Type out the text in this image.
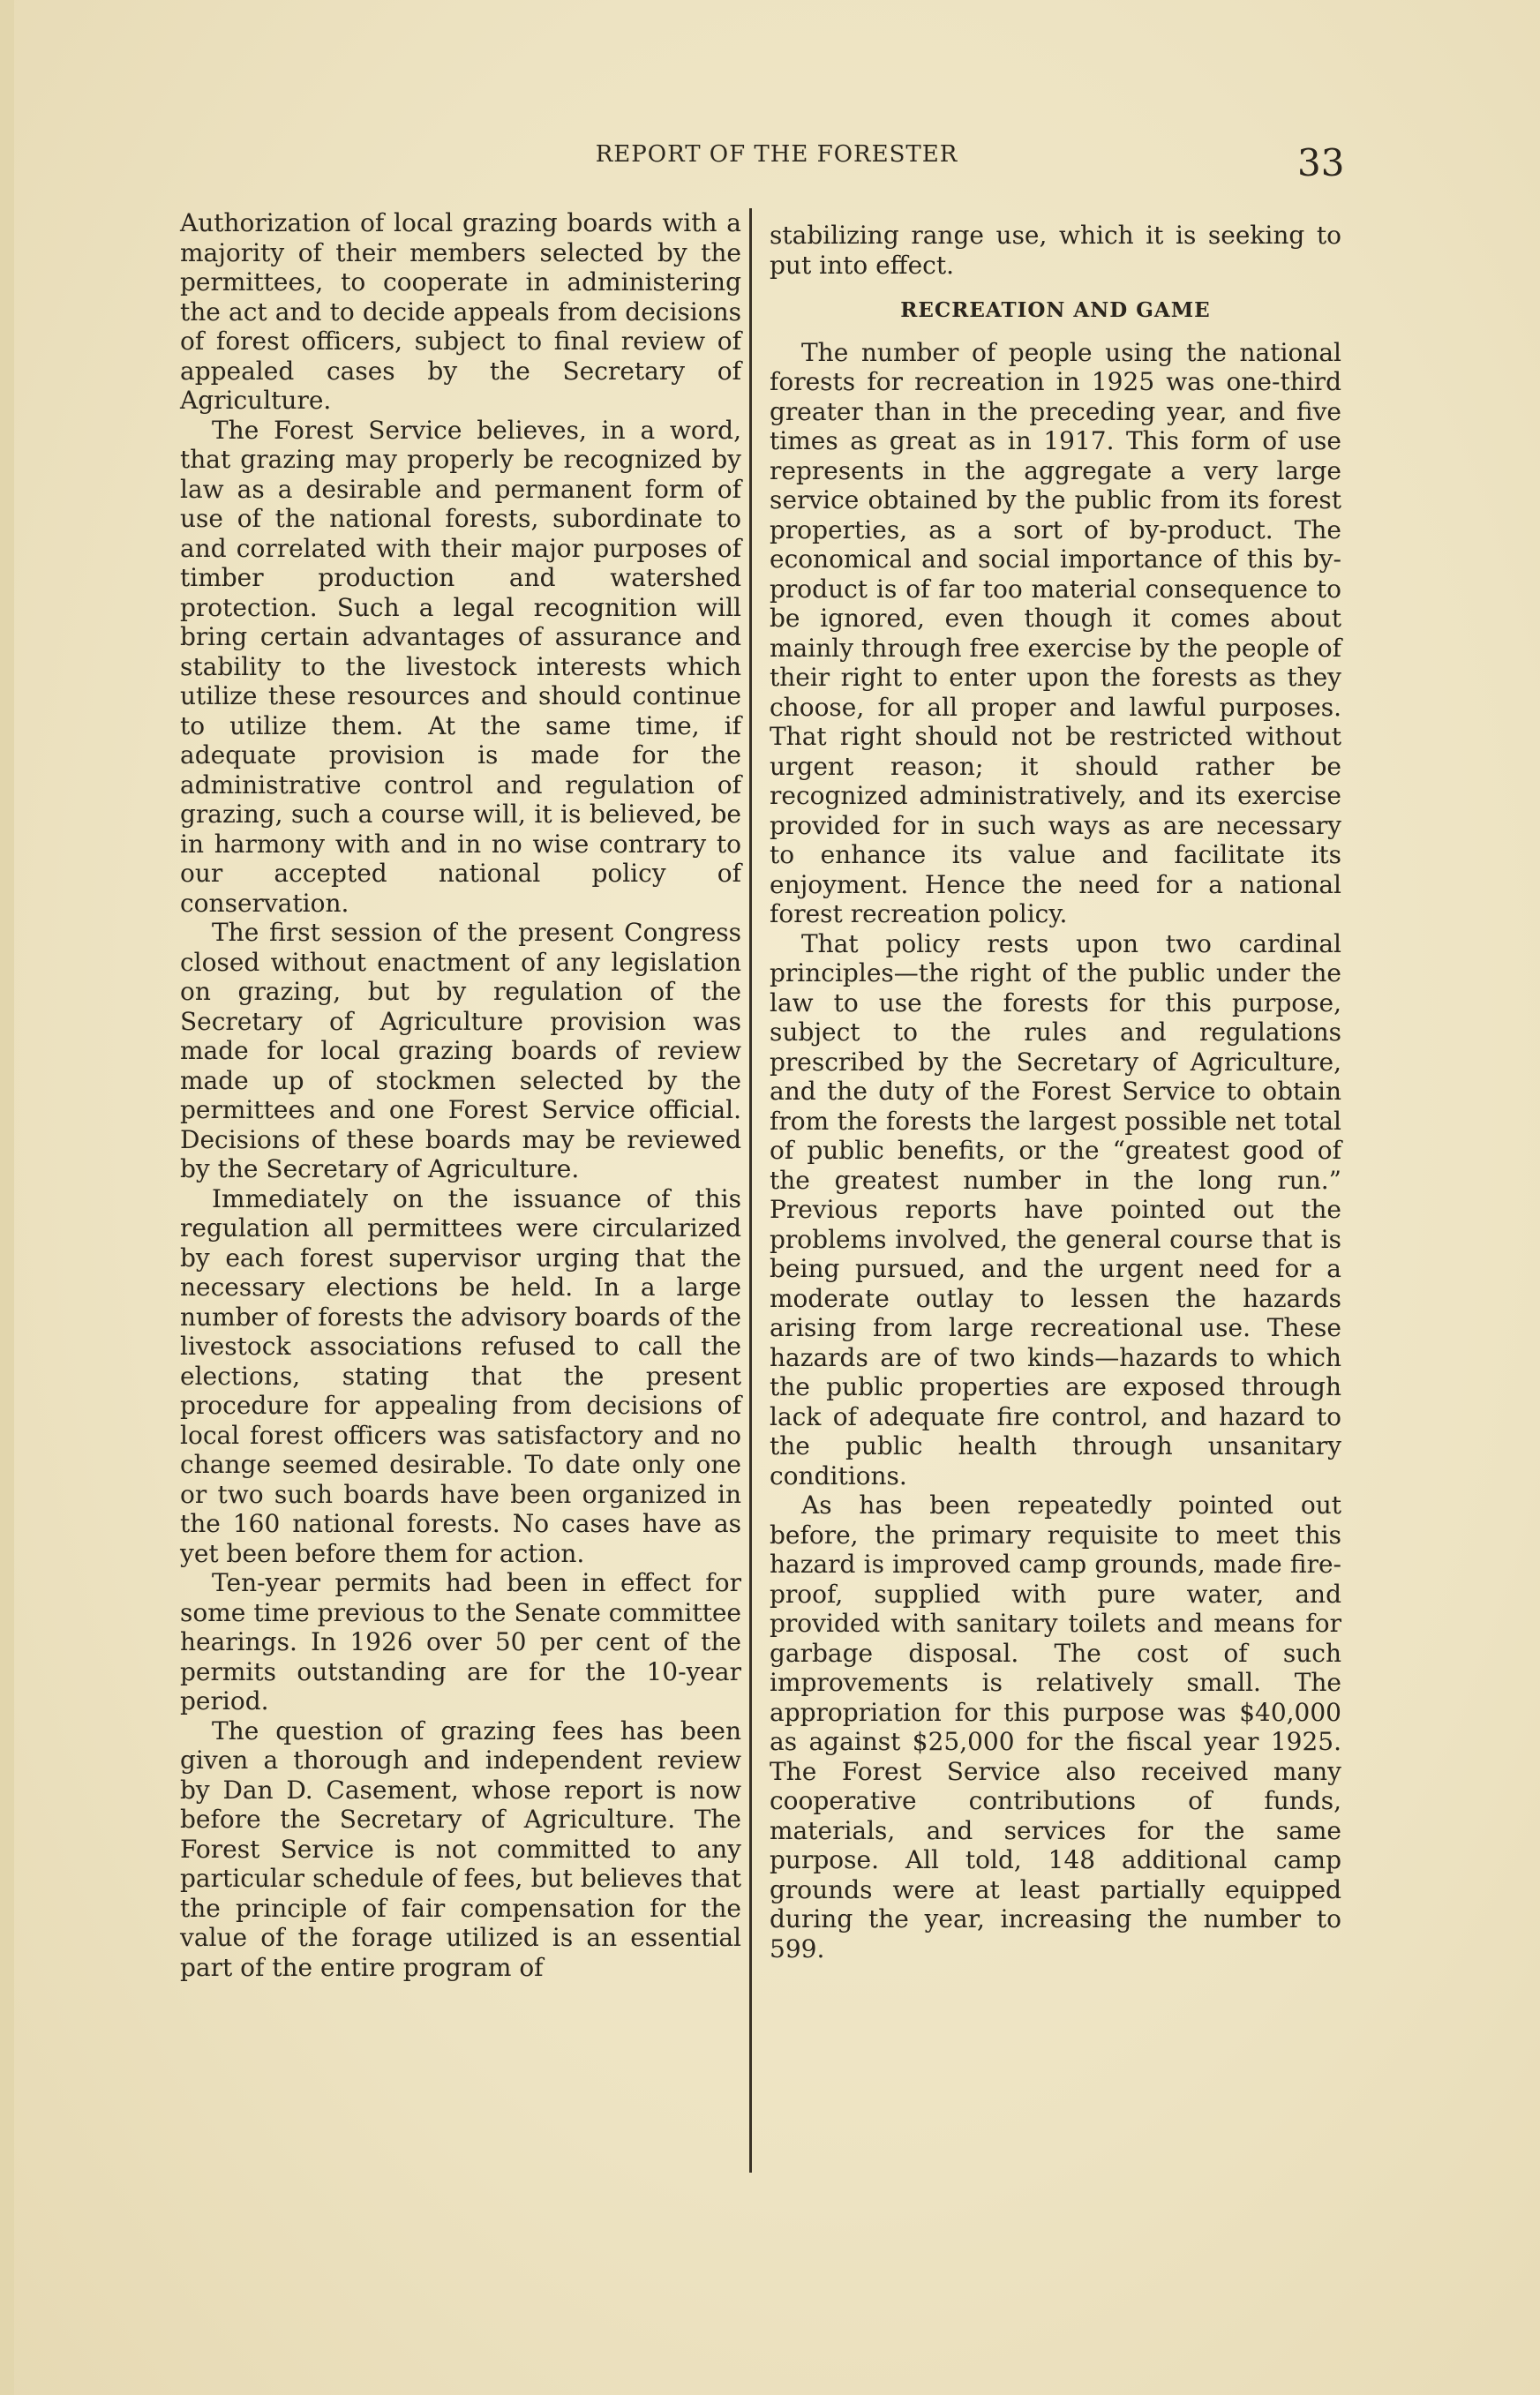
REPORT OF THE FORESTER	33

Authorization of local grazing boards with a majority of their members selected by the permittees, to cooperate in administering the act and to decide appeals from decisions of forest officers, subject to final review of appealed cases by the Secretary of Agriculture.

The Forest Service believes, in a word, that grazing may properly be recognized by law as a desirable and permanent form of use of the national forests, subordinate to and correlated with their major purposes of timber production and watershed protection. Such a legal recognition will bring certain advantages of assurance and stability to the livestock interests which utilize these resources and should continue to utilize them. At the same time, if adequate provision is made for the administrative control and regulation of grazing, such a course will, it is believed, be in harmony with and in no wise contrary to our accepted national policy of conservation.

The first session of the present Congress closed without enactment of any legislation on grazing, but by regulation of the Secretary of Agriculture provision was made for local grazing boards of review made up of stockmen selected by the permittees and one Forest Service official. Decisions of these boards may be reviewed by the Secretary of Agriculture.

Immediately on the issuance of this regulation all permittees were circularized by each forest supervisor urging that the necessary elections be held. In a large number of forests the advisory boards of the livestock associations refused to call the elections, stating that the present procedure for appealing from decisions of local forest officers was satisfactory and no change seemed desirable. To date only one or two such boards have been organized in the 160 national forests. No cases have as yet been before them for action.

Ten-year permits had been in effect for some time previous to the Senate committee hearings. In 1926 over 50 per cent of the permits outstanding are for the 10-year period.

The question of grazing fees has been given a thorough and independent review by Dan D. Casement, whose report is now before the Secretary of Agriculture. The Forest Service is not committed to any particular schedule of fees, but believes that the principle of fair compensation for the value of the forage utilized is an essential part of the entire program of

stabilizing range use, which it is seeking to put into effect.

RECREATION AND GAME

The number of people using the national forests for recreation in 1925 was one-third greater than in the preceding year, and five times as great as in 1917. This form of use represents in the aggregate a very large service obtained by the public from its forest properties, as a sort of by-product. The economical and social importance of this by-product is of far too material consequence to be ignored, even though it comes about mainly through free exercise by the people of their right to enter upon the forests as they choose, for all proper and lawful purposes. That right should not be restricted without urgent reason; it should rather be recognized administratively, and its exercise provided for in such ways as are necessary to enhance its value and facilitate its enjoyment. Hence the need for a national forest recreation policy.

That policy rests upon two cardinal principles—the right of the public under the law to use the forests for this purpose, subject to the rules and regulations prescribed by the Secretary of Agriculture, and the duty of the Forest Service to obtain from the forests the largest possible net total of public benefits, or the “greatest good of the greatest number in the long run.” Previous reports have pointed out the problems involved, the general course that is being pursued, and the urgent need for a moderate outlay to lessen the hazards arising from large recreational use. These hazards are of two kinds—hazards to which the public properties are exposed through lack of adequate fire control, and hazard to the public health through unsanitary conditions.

As has been repeatedly pointed out before, the primary requisite to meet this hazard is improved camp grounds, made fire-proof, supplied with pure water, and provided with sanitary toilets and means for garbage disposal. The cost of such improvements is relatively small. The appropriation for this purpose was $40,000 as against $25,000 for the fiscal year 1925. The Forest Service also received many cooperative contributions of funds, materials, and services for the same purpose. All told, 148 additional camp grounds were at least partially equipped during the year, increasing the number to 599.
